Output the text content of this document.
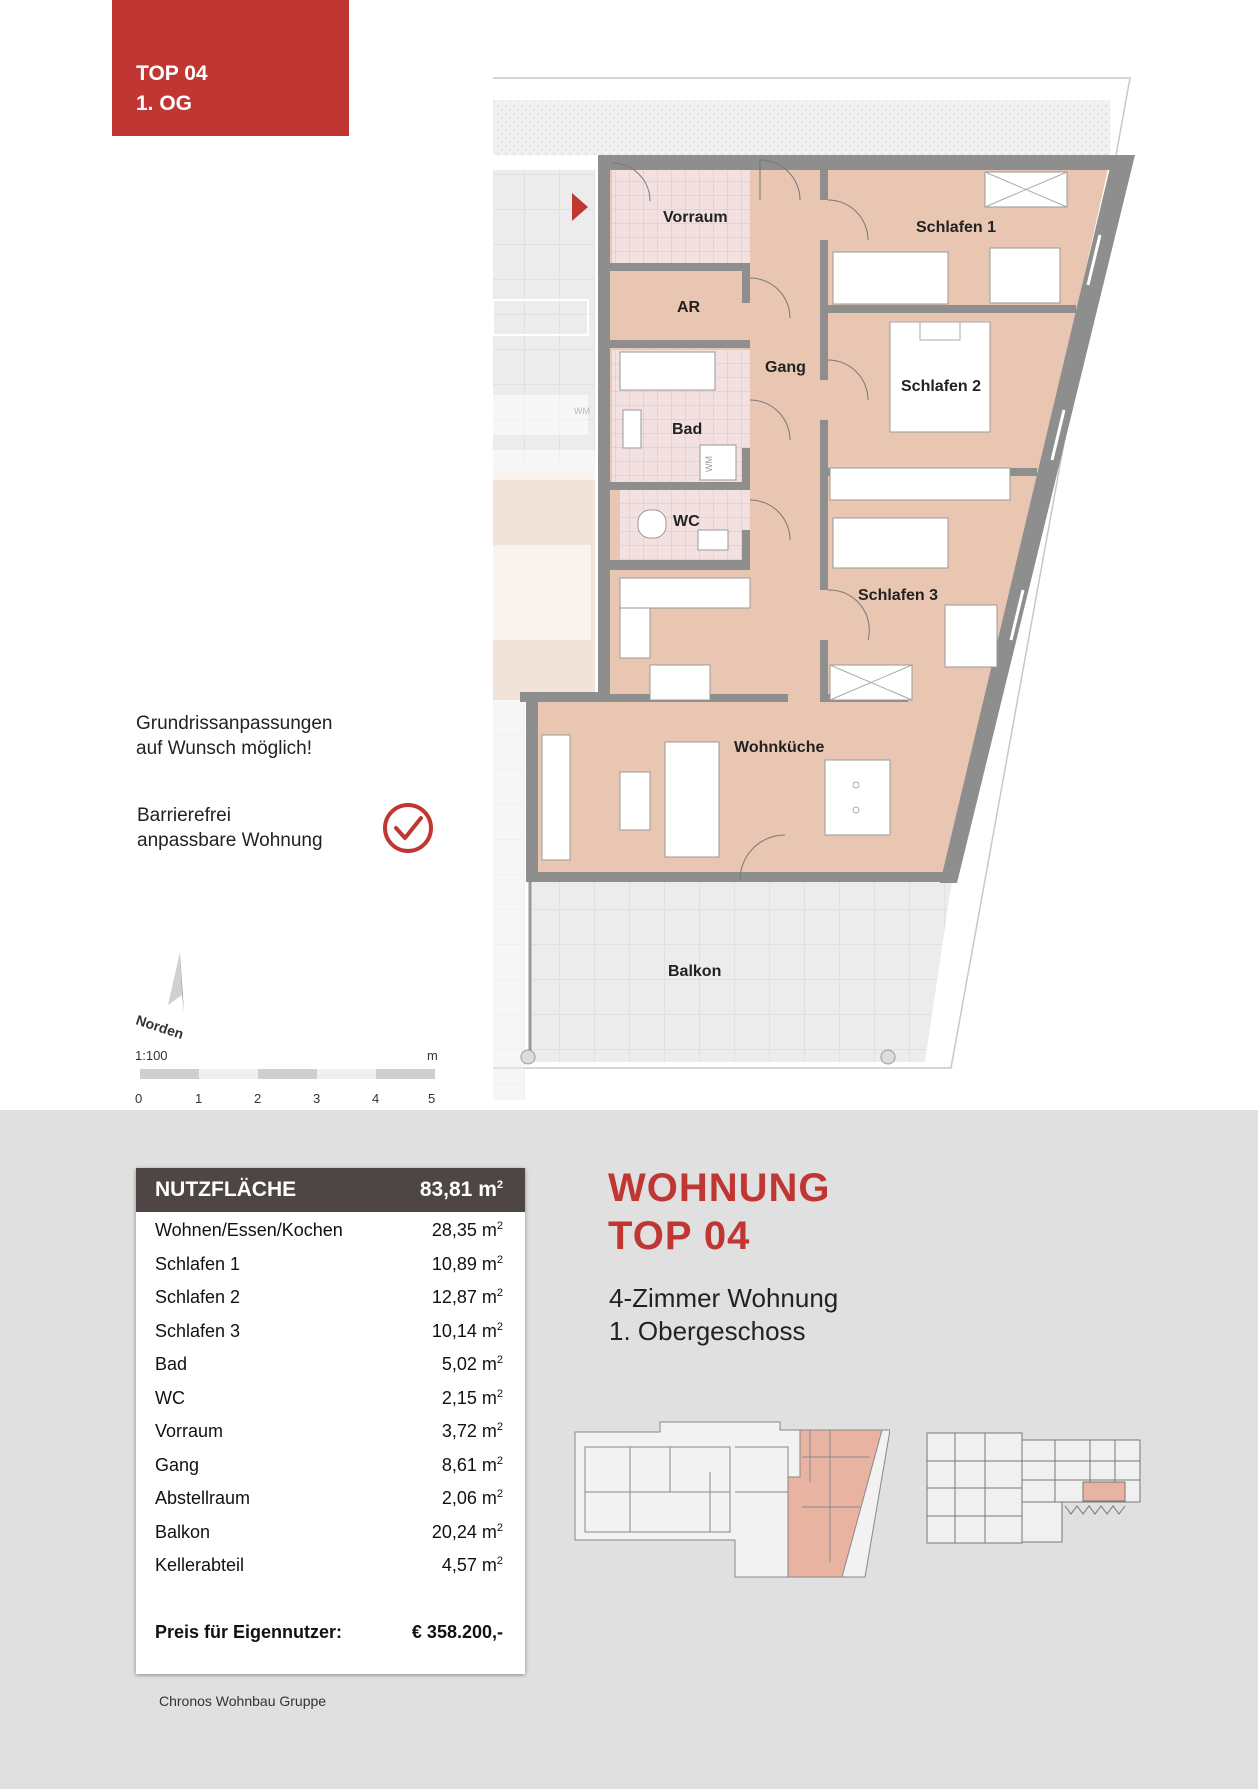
TOP 04
1. OG
WM
Vorraum
AR
Bad
WC
Gang
Schlafen 1
Schlafen 2
Schlafen 3
Wohnküche
Balkon
WM
Norden
1:100	m
0	1	2	3	4	5
Grundrissanpassungen
auf Wunsch möglich!
Barrierefrei
anpassbare Wohnung
NUTZFLÄCHE	83,81 $m^2$
Wohnen/Essen/Kochen	28,35 $m^2$
Schlafen 1	10,89 $m^2$
Schlafen 2	12,87 $m^2$
Schlafen 3	10,14 $m^2$
Bad	5,02 $m^2$
WC	2,15 $m^2$
Vorraum	3,72 $m^2$
Gang	8,61 $m^2$
Abstellraum	2,06 $m^2$
Balkon	20,24 $m^2$
Kellerabteil	4,57 $m^2$
Preis für Eigennutzer:	€ 358.200,-
WOHNUNG
TOP 04
4-Zimmer Wohnung
1. Obergeschoss
Chronos Wohnbau Gruppe
